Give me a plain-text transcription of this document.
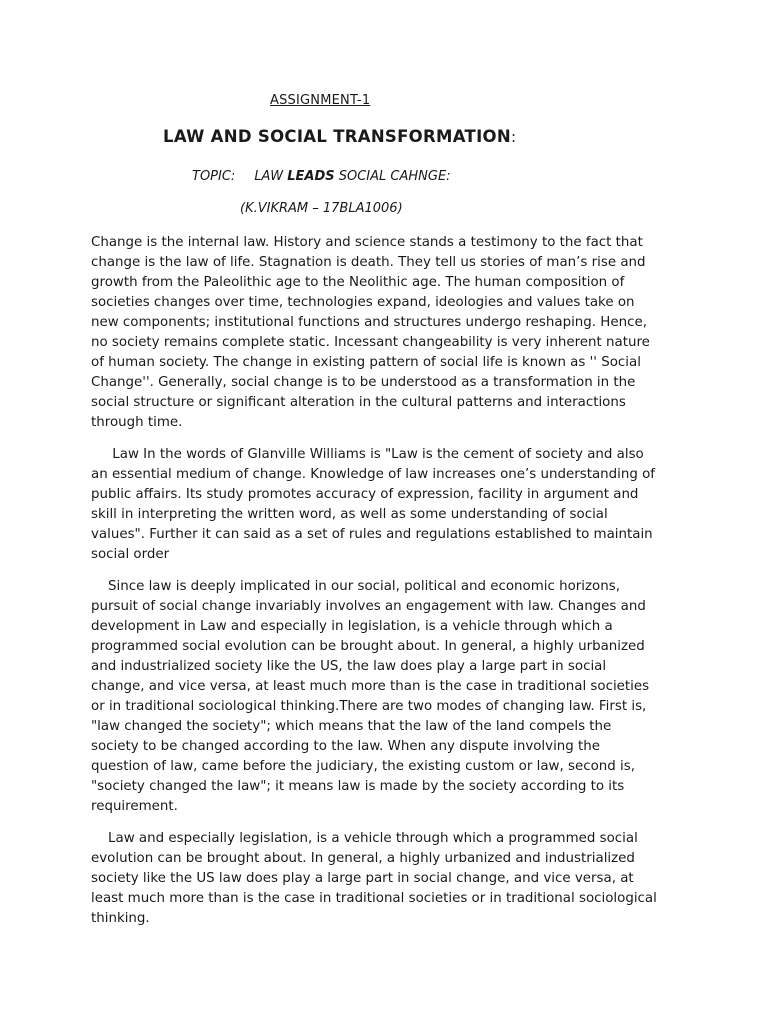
ASSIGNMENT-1
LAW AND SOCIAL TRANSFORMATION:
TOPIC: LAW LEADS SOCIAL CAHNGE:
(K.VIKRAM – 17BLA1006)

Change is the internal law. History and science stands a testimony to the fact that
change is the law of life. Stagnation is death. They tell us stories of man’s rise and
growth from the Paleolithic age to the Neolithic age. The human composition of
societies changes over time, technologies expand, ideologies and values take on
new components; institutional functions and structures undergo reshaping. Hence,
no society remains complete static. Incessant changeability is very inherent nature
of human society. The change in existing pattern of social life is known as '' Social
Change''. Generally, social change is to be understood as a transformation in the
social structure or significant alteration in the cultural patterns and interactions
through time.

Law In the words of Glanville Williams is "Law is the cement of society and also
an essential medium of change. Knowledge of law increases one’s understanding of
public affairs. Its study promotes accuracy of expression, facility in argument and
skill in interpreting the written word, as well as some understanding of social
values". Further it can said as a set of rules and regulations established to maintain
social order

Since law is deeply implicated in our social, political and economic horizons,
pursuit of social change invariably involves an engagement with law. Changes and
development in Law and especially in legislation, is a vehicle through which a
programmed social evolution can be brought about. In general, a highly urbanized
and industrialized society like the US, the law does play a large part in social
change, and vice versa, at least much more than is the case in traditional societies
or in traditional sociological thinking.There are two modes of changing law. First is,
"law changed the society"; which means that the law of the land compels the
society to be changed according to the law. When any dispute involving the
question of law, came before the judiciary, the existing custom or law, second is,
"society changed the law"; it means law is made by the society according to its
requirement.

Law and especially legislation, is a vehicle through which a programmed social
evolution can be brought about. In general, a highly urbanized and industrialized
society like the US law does play a large part in social change, and vice versa, at
least much more than is the case in traditional societies or in traditional sociological
thinking.
